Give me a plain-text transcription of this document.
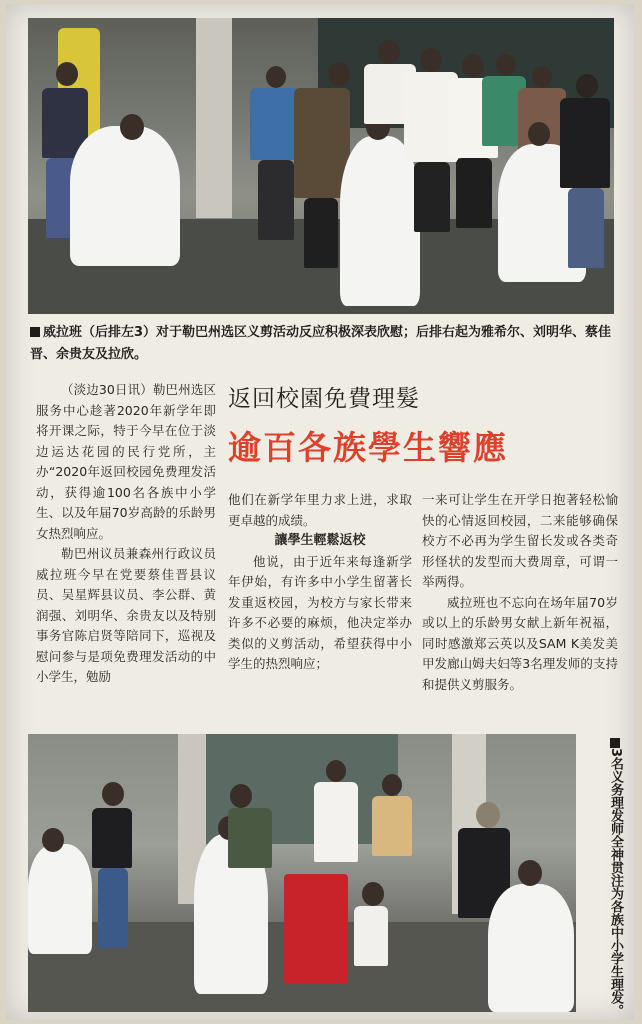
威拉班（后排左3）对于勒巴州选区义剪活动反应积极深表欣慰；后排右起为雅希尔、刘明华、蔡佳晋、余贵友及拉欣。
返回校園免費理髮
逾百各族學生響應

（淡边30日讯）勒巴州选区服务中心趁著2020年新学年即将开课之际，特于今早在位于淡边运达花园的民行党所，主办“2020年返回校园免费理发活动，获得逾100名各族中小学生、以及年届70岁高龄的乐龄男女热烈响应。

勒巴州议员兼森州行政议员威拉班今早在党要蔡佳晋县议员、吴星辉县议员、李公群、黄润强、刘明华、余贵友以及特别事务官陈启贤等陪同下，巡视及慰问参与是项免费理发活动的中小学生，勉励

他们在新学年里力求上进，求取更卓越的成绩。

讓學生輕鬆返校

他说，由于近年来每逢新学年伊始，有许多中小学生留著长发重返校园，为校方与家长带来许多不必要的麻烦，他决定举办类似的义剪活动，希望获得中小学生的热烈响应；

一来可让学生在开学日抱著轻松愉快的心情返回校园，二来能够确保校方不必再为学生留长发或各类奇形怪状的发型而大费周章，可谓一举两得。

威拉班也不忘向在场年届70岁或以上的乐龄男女献上新年祝福，同时感激郑云英以及SAM K美发美甲发廊山姆夫妇等3名理发师的支持和提供义剪服务。

3名义务理发师全神贯注为各族中小学生理发。
